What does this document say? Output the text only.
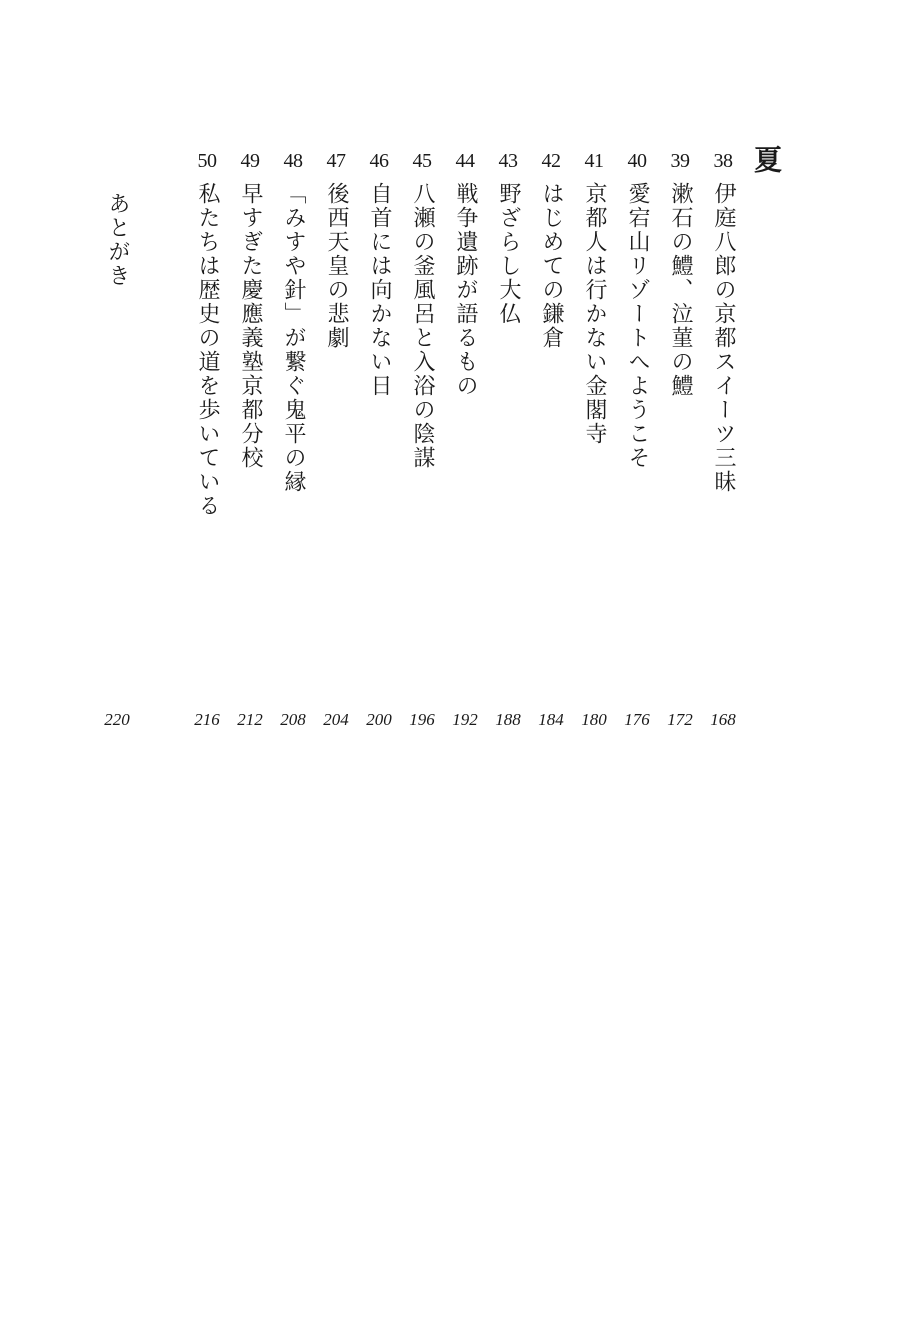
夏
38
伊庭八郎の京都スイーツ三昧
168
39
漱石の鱧、泣菫の鱧
172
40
愛宕山リゾートへようこそ
176
41
京都人は行かない金閣寺
180
42
はじめての鎌倉
184
43
野ざらし大仏
188
44
戦争遺跡が語るもの
192
45
八瀬の釜風呂と入浴の陰謀
196
46
自首には向かない日
200
47
後西天皇の悲劇
204
48
「みすや針」が繋ぐ鬼平の縁
208
49
早すぎた慶應義塾京都分校
212
50
私たちは歴史の道を歩いている
216
あとがき
220
